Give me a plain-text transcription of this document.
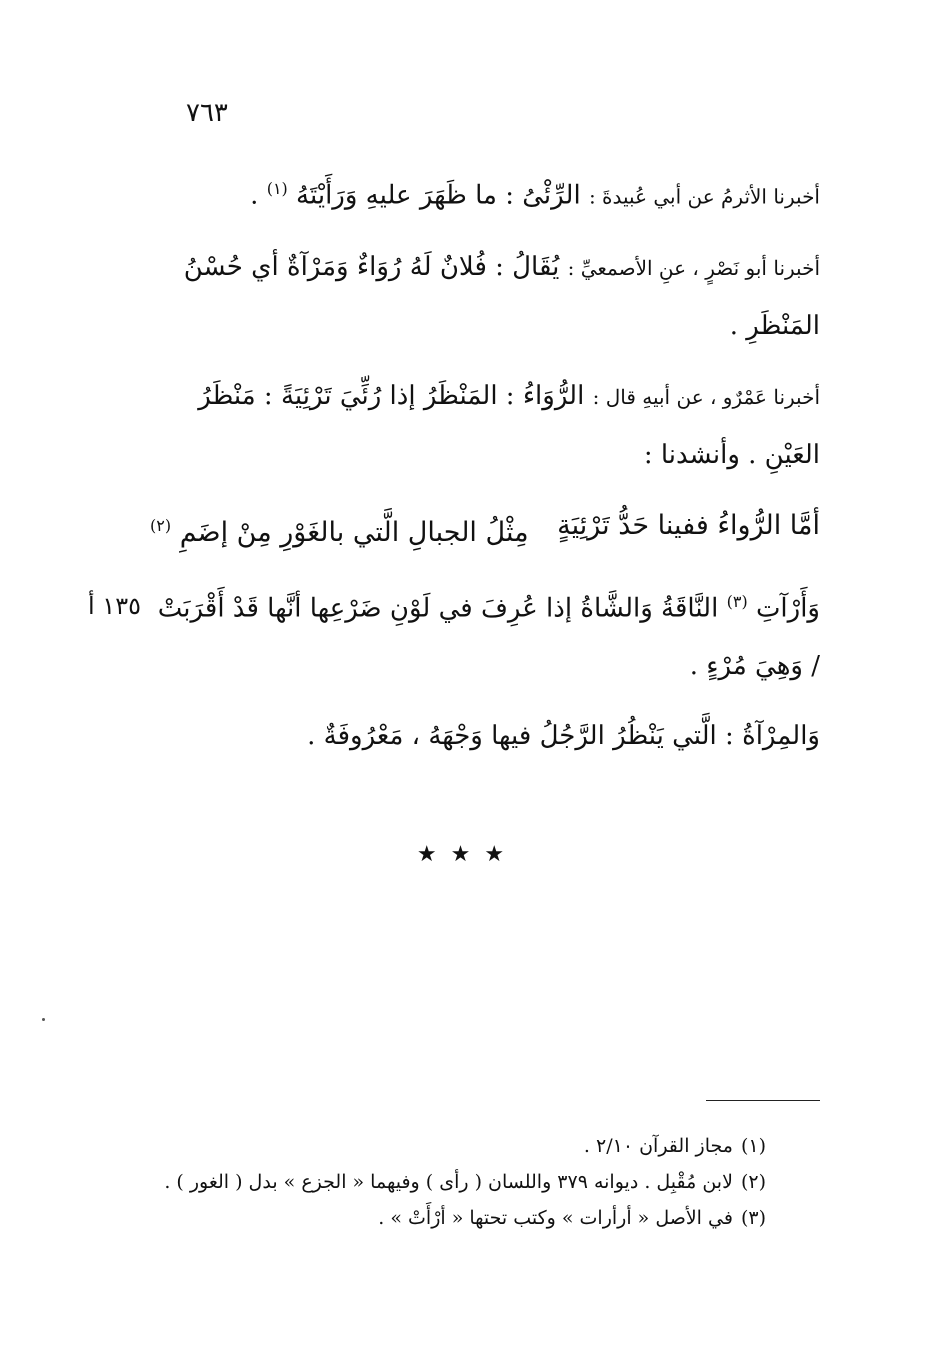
٧٦٣
١٣٥ أ

أخبرنا الأثرمُ عن أبي عُبيدةَ : الرِّئْىُ : ما ظَهَرَ عليهِ وَرَأَيْتَهُ $^{(١)}$ .

أخبرنا أبو نَصْرٍ ، عنِ الأصمعيِّ : يُقَالُ : فُلانٌ لَهُ رُوَاءٌ وَمَرْآةٌ أي حُسْنُ المَنْظَرِ .

أخبرنا عَمْرٌو ، عن أبيهِ قال : الرُّوَاءُ : المَنْظَرُ إذا رُئِّيَ تَرْئِيَةً : مَنْظَرُ العَيْنِ . وأنشدنا :

أمَّا الرُّواءُ ففينا حَدُّ تَرْئِيَةٍ
مِثْلُ الجبالِ الَّتي بالغَوْرِ مِنْ إضَمِ $^{(٢)}$

وَأَرْآتِ $^{(٣)}$ النَّاقَةُ وَالشَّاةُ إذا عُرِفَ في لَوْنِ ضَرْعِها أنَّها قَدْ أَقْرَبَتْ / وَهِيَ مُرْءٍ .

وَالمِرْآةُ : الَّتي يَنْظُرُ الرَّجُلُ فيها وَجْهَهُ ، مَعْرُوفَةٌ .

★★★

(١)مجاز القرآن ٢/١٠ .

(٢)لابن مُقْبِل . ديوانه ٣٧٩ واللسان ( رأى ) وفيهما « الجزع » بدل ( الغور ) .

(٣)في الأصل « أرأرات » وكتب تحتها « أرْأَتْ » .
